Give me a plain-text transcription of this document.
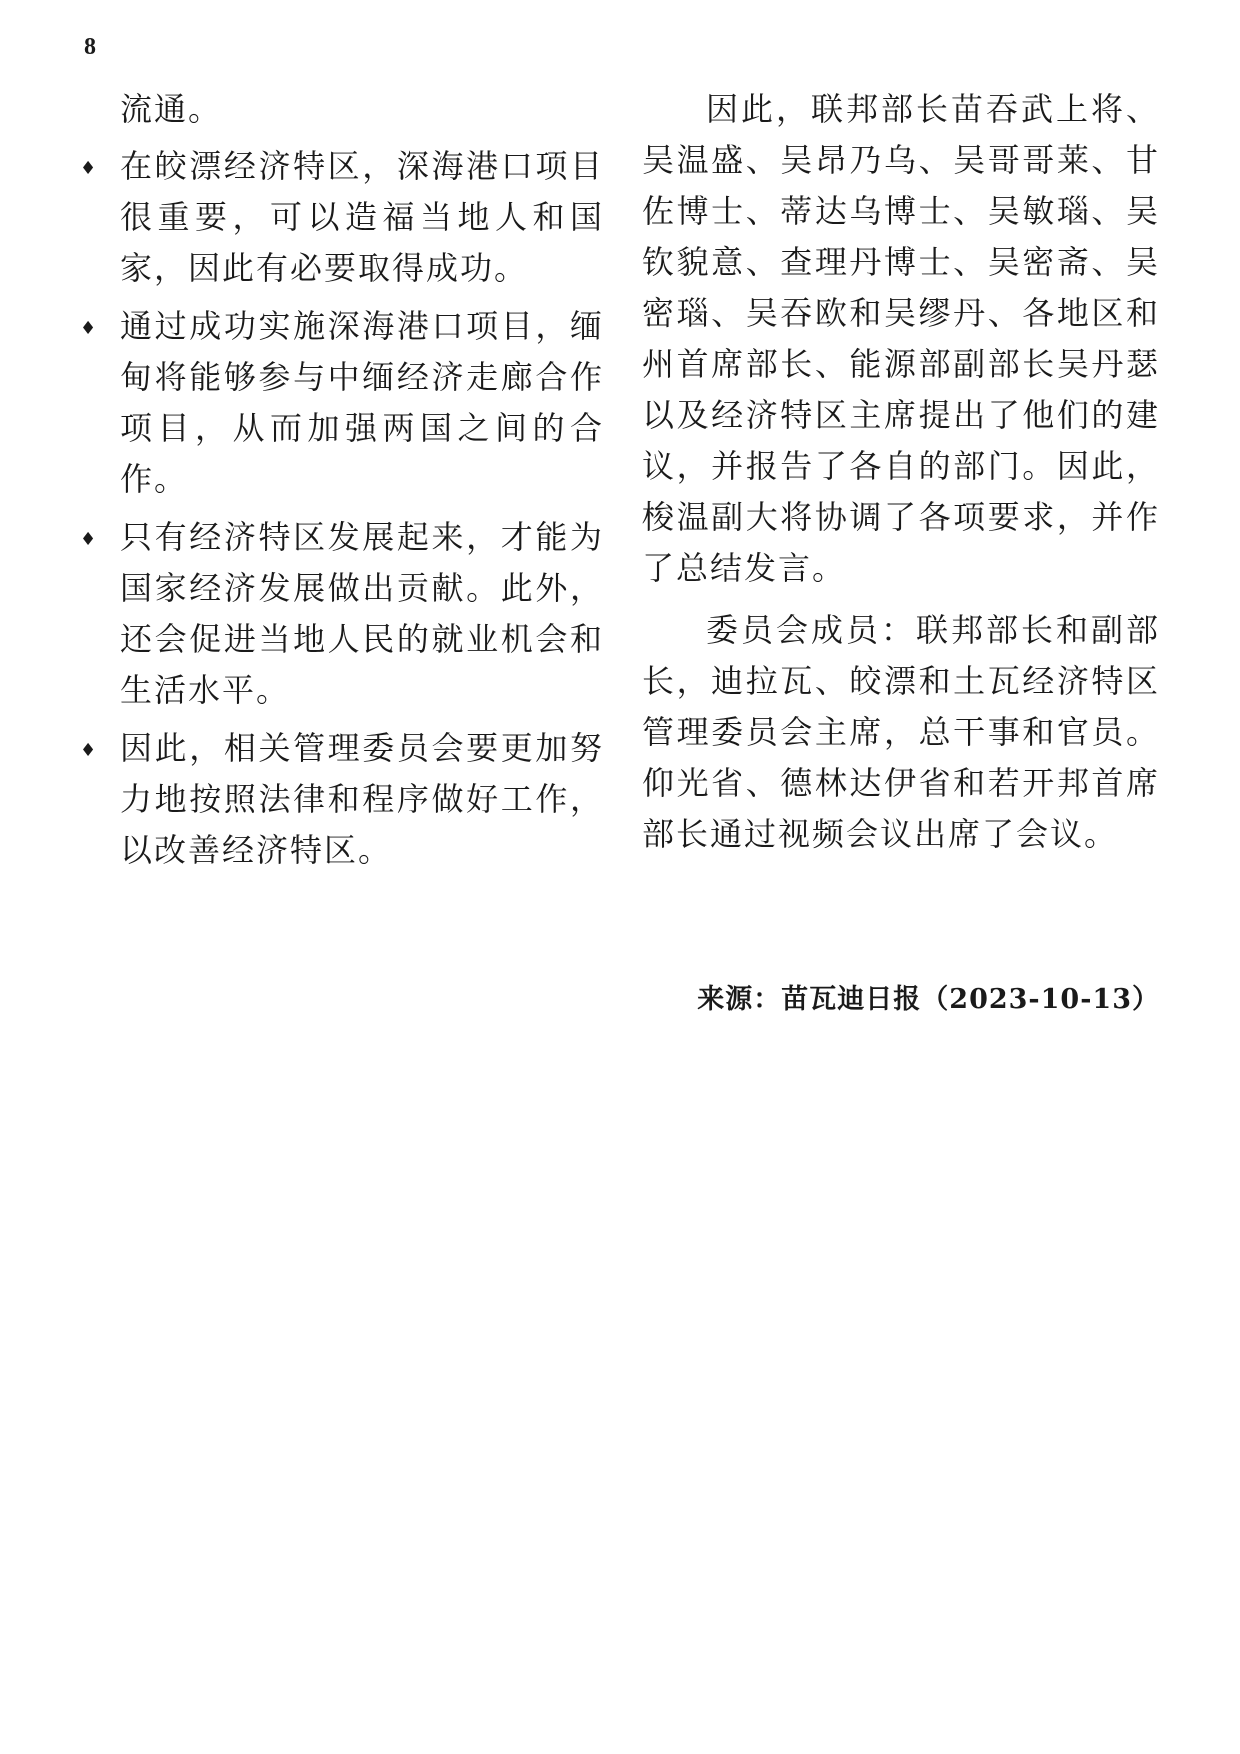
8
流通。
♦ 在皎漂经济特区，深海港口项目很重要，可以造福当地人和国家，因此有必要取得成功。
♦ 通过成功实施深海港口项目，缅甸将能够参与中缅经济走廊合作项目，从而加强两国之间的合作。
♦ 只有经济特区发展起来，才能为国家经济发展做出贡献。此外，还会促进当地人民的就业机会和生活水平。
♦ 因此，相关管理委员会要更加努力地按照法律和程序做好工作，以改善经济特区。

因此，联邦部长苗吞武上将、吴温盛、吴昂乃乌、吴哥哥莱、甘佐博士、蒂达乌博士、吴敏瑙、吴钦貌意、查理丹博士、吴密斋、吴密瑙、吴吞欧和吴缪丹、各地区和州首席部长、能源部副部长吴丹瑟以及经济特区主席提出了他们的建议，并报告了各自的部门。因此，梭温副大将协调了各项要求，并作了总结发言。

委员会成员：联邦部长和副部长，迪拉瓦、皎漂和土瓦经济特区管理委员会主席，总干事和官员。仰光省、德林达伊省和若开邦首席部长通过视频会议出席了会议。

来源：苗瓦迪日报（2023-10-13）
